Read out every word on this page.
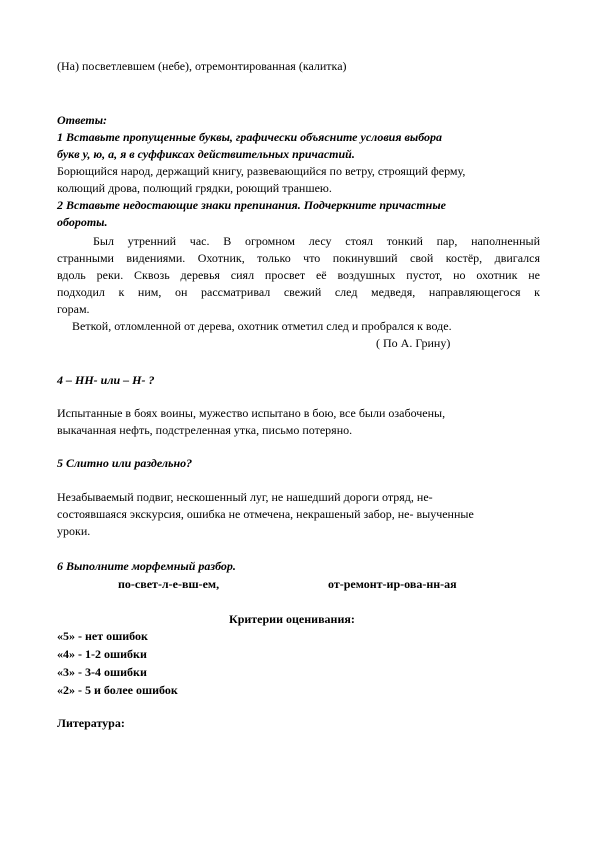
(На) посветлевшем (небе), отремонтированная (калитка)
Ответы:
1 Вставьте пропущенные буквы, графически объясните условия выбора
букв у, ю, а, я в суффиксах действительных причастий.
Борющийся народ, держащий книгу, развевающийся по ветру, строящий ферму,
колющий дрова, полющий грядки, роющий траншею.
2 Вставьте недостающие знаки препинания. Подчеркните причастные
обороты.
Был утренний час. В огромном лесу стоял тонкий пар, наполненный
странными видениями. Охотник, только что покинувший свой костёр, двигался
вдоль реки. Сквозь деревья сиял просвет её воздушных пустот, но охотник не
подходил к ним, он рассматривал свежий след медведя, направляющегося к
горам.
Веткой, отломленной от дерева, охотник отметил след и пробрался к воде.
( По А. Грину)
4 – НН- или – Н- ?
Испытанные в боях воины, мужество испытано в бою, все были озабочены,
выкачанная нефть, подстреленная утка, письмо потеряно.
5 Слитно или раздельно?
Незабываемый подвиг, нескошенный луг, не нашедший дороги отряд, не-
состоявшаяся экскурсия, ошибка не отмечена, некрашеный забор, не- выученные
уроки.
6 Выполните морфемный разбор.
по-свет-л-е-вш-ем,	от-ремонт-ир-ова-нн-ая
Критерии оценивания:
«5» - нет ошибок
«4» - 1-2 ошибки
«3» - 3-4 ошибки
«2» - 5 и более ошибок
Литература:
